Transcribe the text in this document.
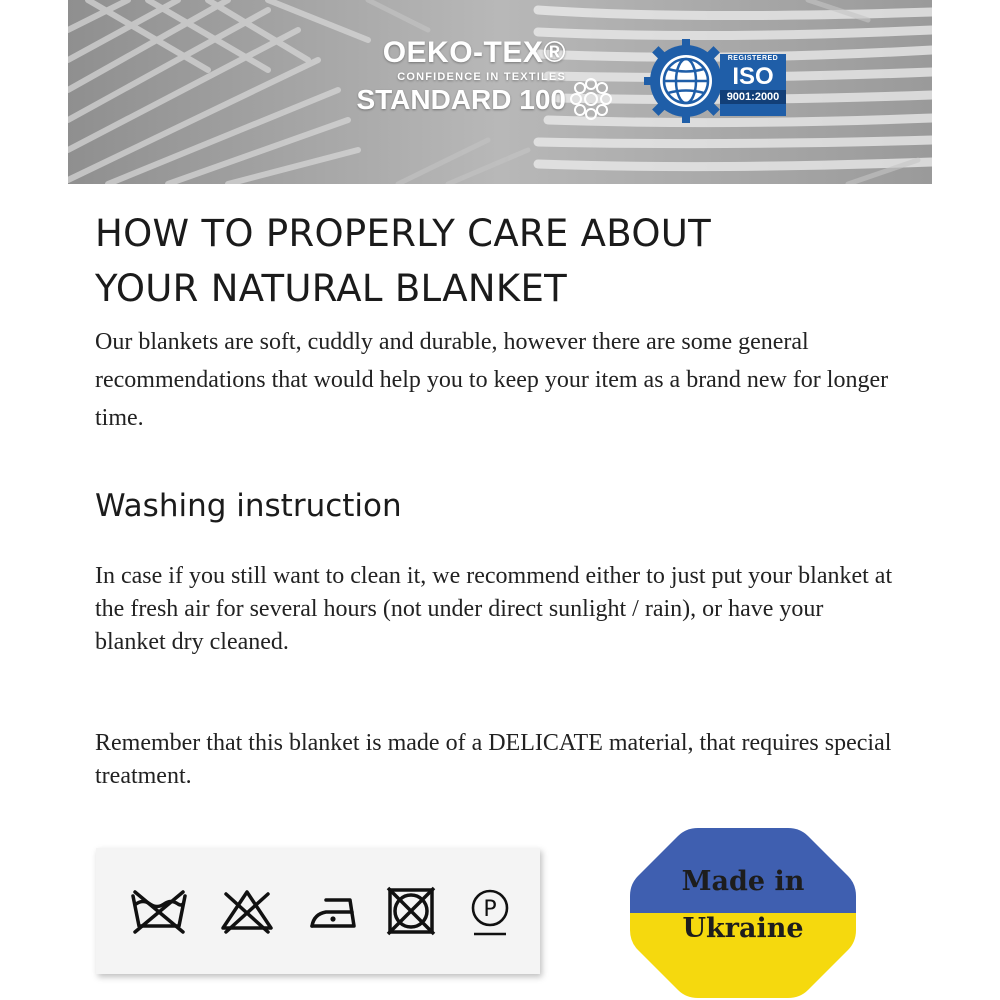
OEKO-TEX®
CONFIDENCE IN TEXTILES
STANDARD 100
REGISTERED
ISO
9001:2000
HOW TO PROPERLY CARE ABOUT
YOUR NATURAL BLANKET

Our blankets are soft, cuddly and durable, however there are some general recommendations that would help you to keep your item as a brand new for longer time.

Washing instruction

In case if you still want to clean it, we recommend either to just put your blanket at the fresh air for several hours (not under direct sunlight / rain), or have your blanket dry cleaned.

Remember that this blanket is made of a DELICATE material, that requires special treatment.

P
Made in
Ukraine
